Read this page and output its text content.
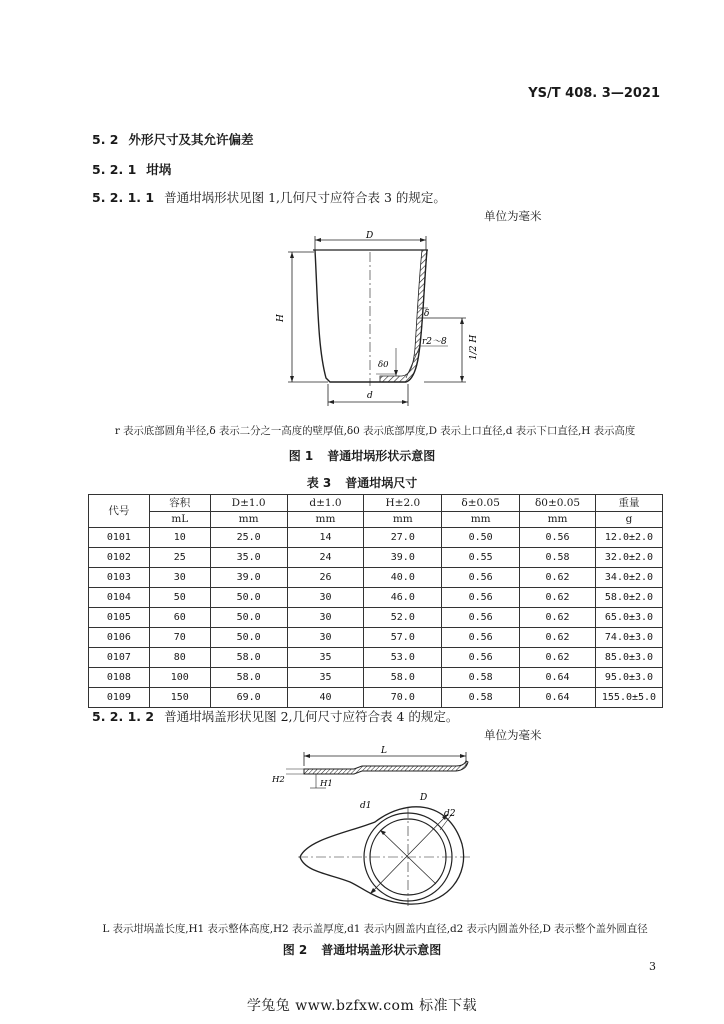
YS/T 408. 3—2021
5. 2 外形尺寸及其允许偏差
5. 2. 1 坩埚
5. 2. 1. 1 普通坩埚形状见图 1,几何尺寸应符合表 3 的规定。
单位为毫米
D
H	δ
r2～8 1/2 H
δ0
d
r 表示底部圆角半径,δ 表示二分之一高度的壁厚值,δ0 表示底部厚度,D 表示上口直径,d 表示下口直径,H 表示高度
图 1 普通坩埚形状示意图
表 3 普通坩埚尺寸
代号	容积	D±1.0	d±1.0	H±2.0	δ±0.05	δ0±0.05	重量
	mL	mm	mm	mm	mm	mm	g
0101	10	25.0	14	27.0	0.50	0.56	12.0±2.0
0102	25	35.0	24	39.0	0.55	0.58	32.0±2.0
0103	30	39.0	26	40.0	0.56	0.62	34.0±2.0
0104	50	50.0	30	46.0	0.56	0.62	58.0±2.0
0105	60	50.0	30	52.0	0.56	0.62	65.0±3.0
0106	70	50.0	30	57.0	0.56	0.62	74.0±3.0
0107	80	58.0	35	53.0	0.56	0.62	85.0±3.0
0108	100	58.0	35	58.0	0.58	0.64	95.0±3.0
0109	150	69.0	40	70.0	0.58	0.64	155.0±5.0
5. 2. 1. 2 普通坩埚盖形状见图 2,几何尺寸应符合表 4 的规定。
单位为毫米
L
H2	H1
D
d1
d2
L 表示坩埚盖长度,H1 表示整体高度,H2 表示盖厚度,d1 表示内圆盖内直径,d2 表示内圆盖外径,D 表示整个盖外圆直径
图 2 普通坩埚盖形状示意图
3
学兔兔 www.bzfxw.com 标准下载
